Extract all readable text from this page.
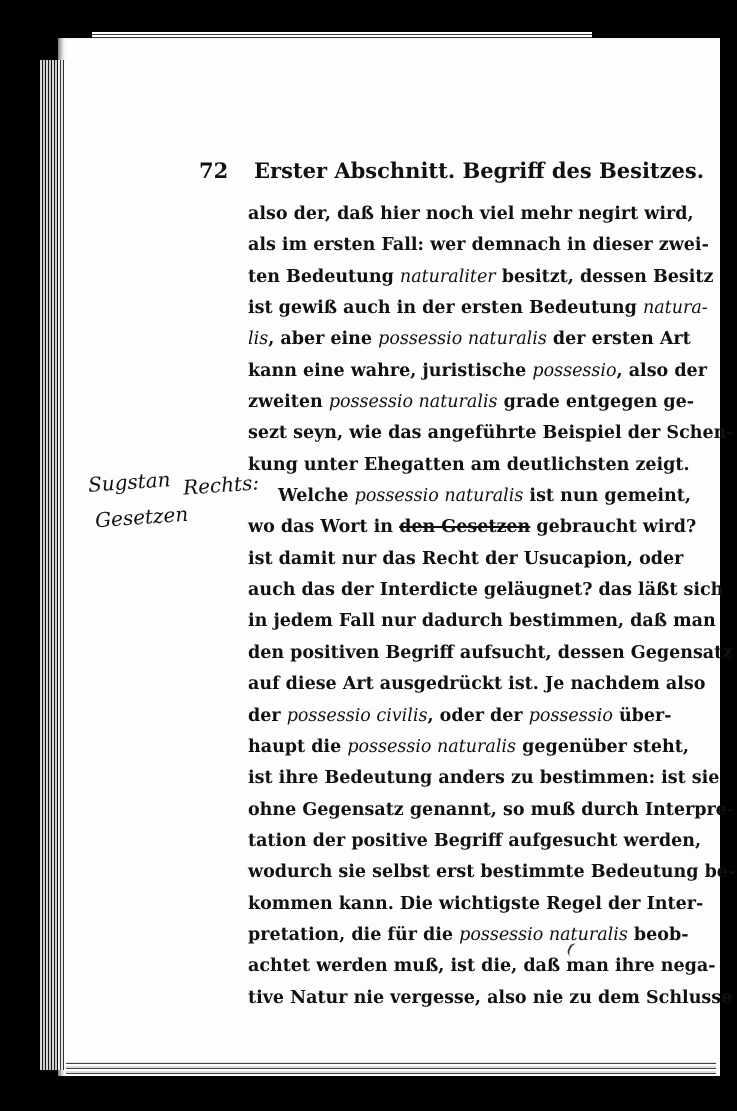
72 Erster Abschnitt. Begriff des Besitzes.
also der, daß hier noch viel mehr negirt wird,
als im ersten Fall: wer demnach in dieser zwei-
ten Bedeutung naturaliter besitzt, dessen Besitz
ist gewiß auch in der ersten Bedeutung natura-
lis, aber eine possessio naturalis der ersten Art
kann eine wahre, juristische possessio, also der
zweiten possessio naturalis grade entgegen ge-
sezt seyn, wie das angeführte Beispiel der Schen-
kung unter Ehegatten am deutlichsten zeigt.
Welche possessio naturalis ist nun gemeint,
wo das Wort in den Gesetzen gebraucht wird?
ist damit nur das Recht der Usucapion, oder
auch das der Interdicte geläugnet? das läßt sich
in jedem Fall nur dadurch bestimmen, daß man
den positiven Begriff aufsucht, dessen Gegensatz
auf diese Art ausgedrückt ist. Je nachdem also
der possessio civilis, oder der possessio über-
haupt die possessio naturalis gegenüber steht,
ist ihre Bedeutung anders zu bestimmen: ist sie
ohne Gegensatz genannt, so muß durch Interpre-
tation der positive Begriff aufgesucht werden,
wodurch sie selbst erst bestimmte Bedeutung be-
kommen kann. Die wichtigste Regel der Inter-
pretation, die für die possessio naturalis beob-
achtet werden muß, ist die, daß man ihre nega-
tive Natur nie vergesse, also nie zu dem Schlusse
Sugstan
Gesetzen
Rechts:
